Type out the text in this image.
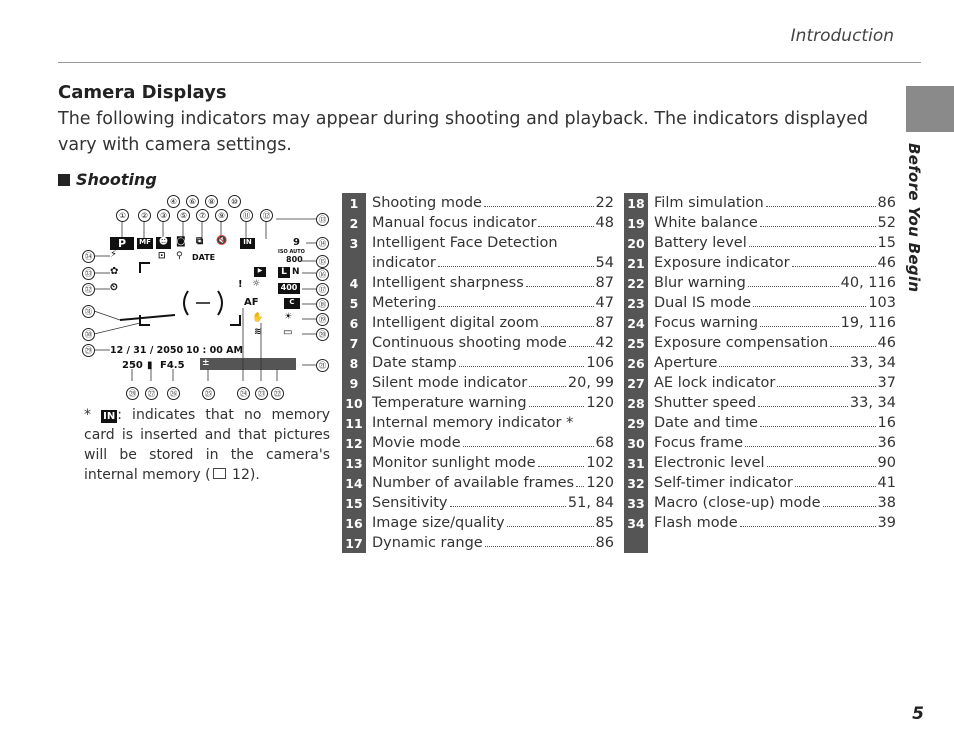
Introduction
Before You Begin
Camera Displays
The following indicators may appear during shooting and playback. The indicators displayed vary with camera settings.
Shooting
④	⑥	⑧	⑩
①	②	③	⑤	⑦	⑨	⑪	⑫	⑬
⑭
⑮
⑯
⑰
⑱
⑲
⑳
㉑
㉞
㉝
㉜
㉛
㉚
㉙
㉘	㉗	㉖	㉕	㉔	㉓	㉒
P	MF ☻ ◙ ⧉ 🔇	IN
⊡ ⚲ DATE
9
ISO AUTO
800
L N
400
C
☀
▭
▶
☼
AF
✋
≋
!
⚡
✿
⏲
12 / 31 / 2050 10 : 00 AM
250 ▮ F4.5 ±
* IN : indicates that no memory card is inserted and that pictures will be stored in the camera's internal memory ( 12).
1 Shooting mode	22
2 Manual focus indicator	48
3 Intelligent Face Detection
indicator	54
4 Intelligent sharpness	87
5 Metering	47
6 Intelligent digital zoom	87
7 Continuous shooting mode 42
8 Date stamp	106
9 Silent mode indicator	20, 99
10 Temperature warning	120
11 Internal memory indicator *
12 Movie mode	68
13 Monitor sunlight mode	102
14 Number of available frames 120
15 Sensitivity	51, 84
16 Image size/quality	85
17 Dynamic range	86
18 Film simulation	86
19 White balance	52
20 Battery level	15
21 Exposure indicator	46
22 Blur warning	40, 116
23 Dual IS mode	103
24 Focus warning	19, 116
25 Exposure compensation	46
26 Aperture	33, 34
27 AE lock indicator	37
28 Shutter speed	33, 34
29 Date and time	16
30 Focus frame	36
31 Electronic level	90
32 Self-timer indicator	41
33 Macro (close-up) mode	38
34 Flash mode	39
5
